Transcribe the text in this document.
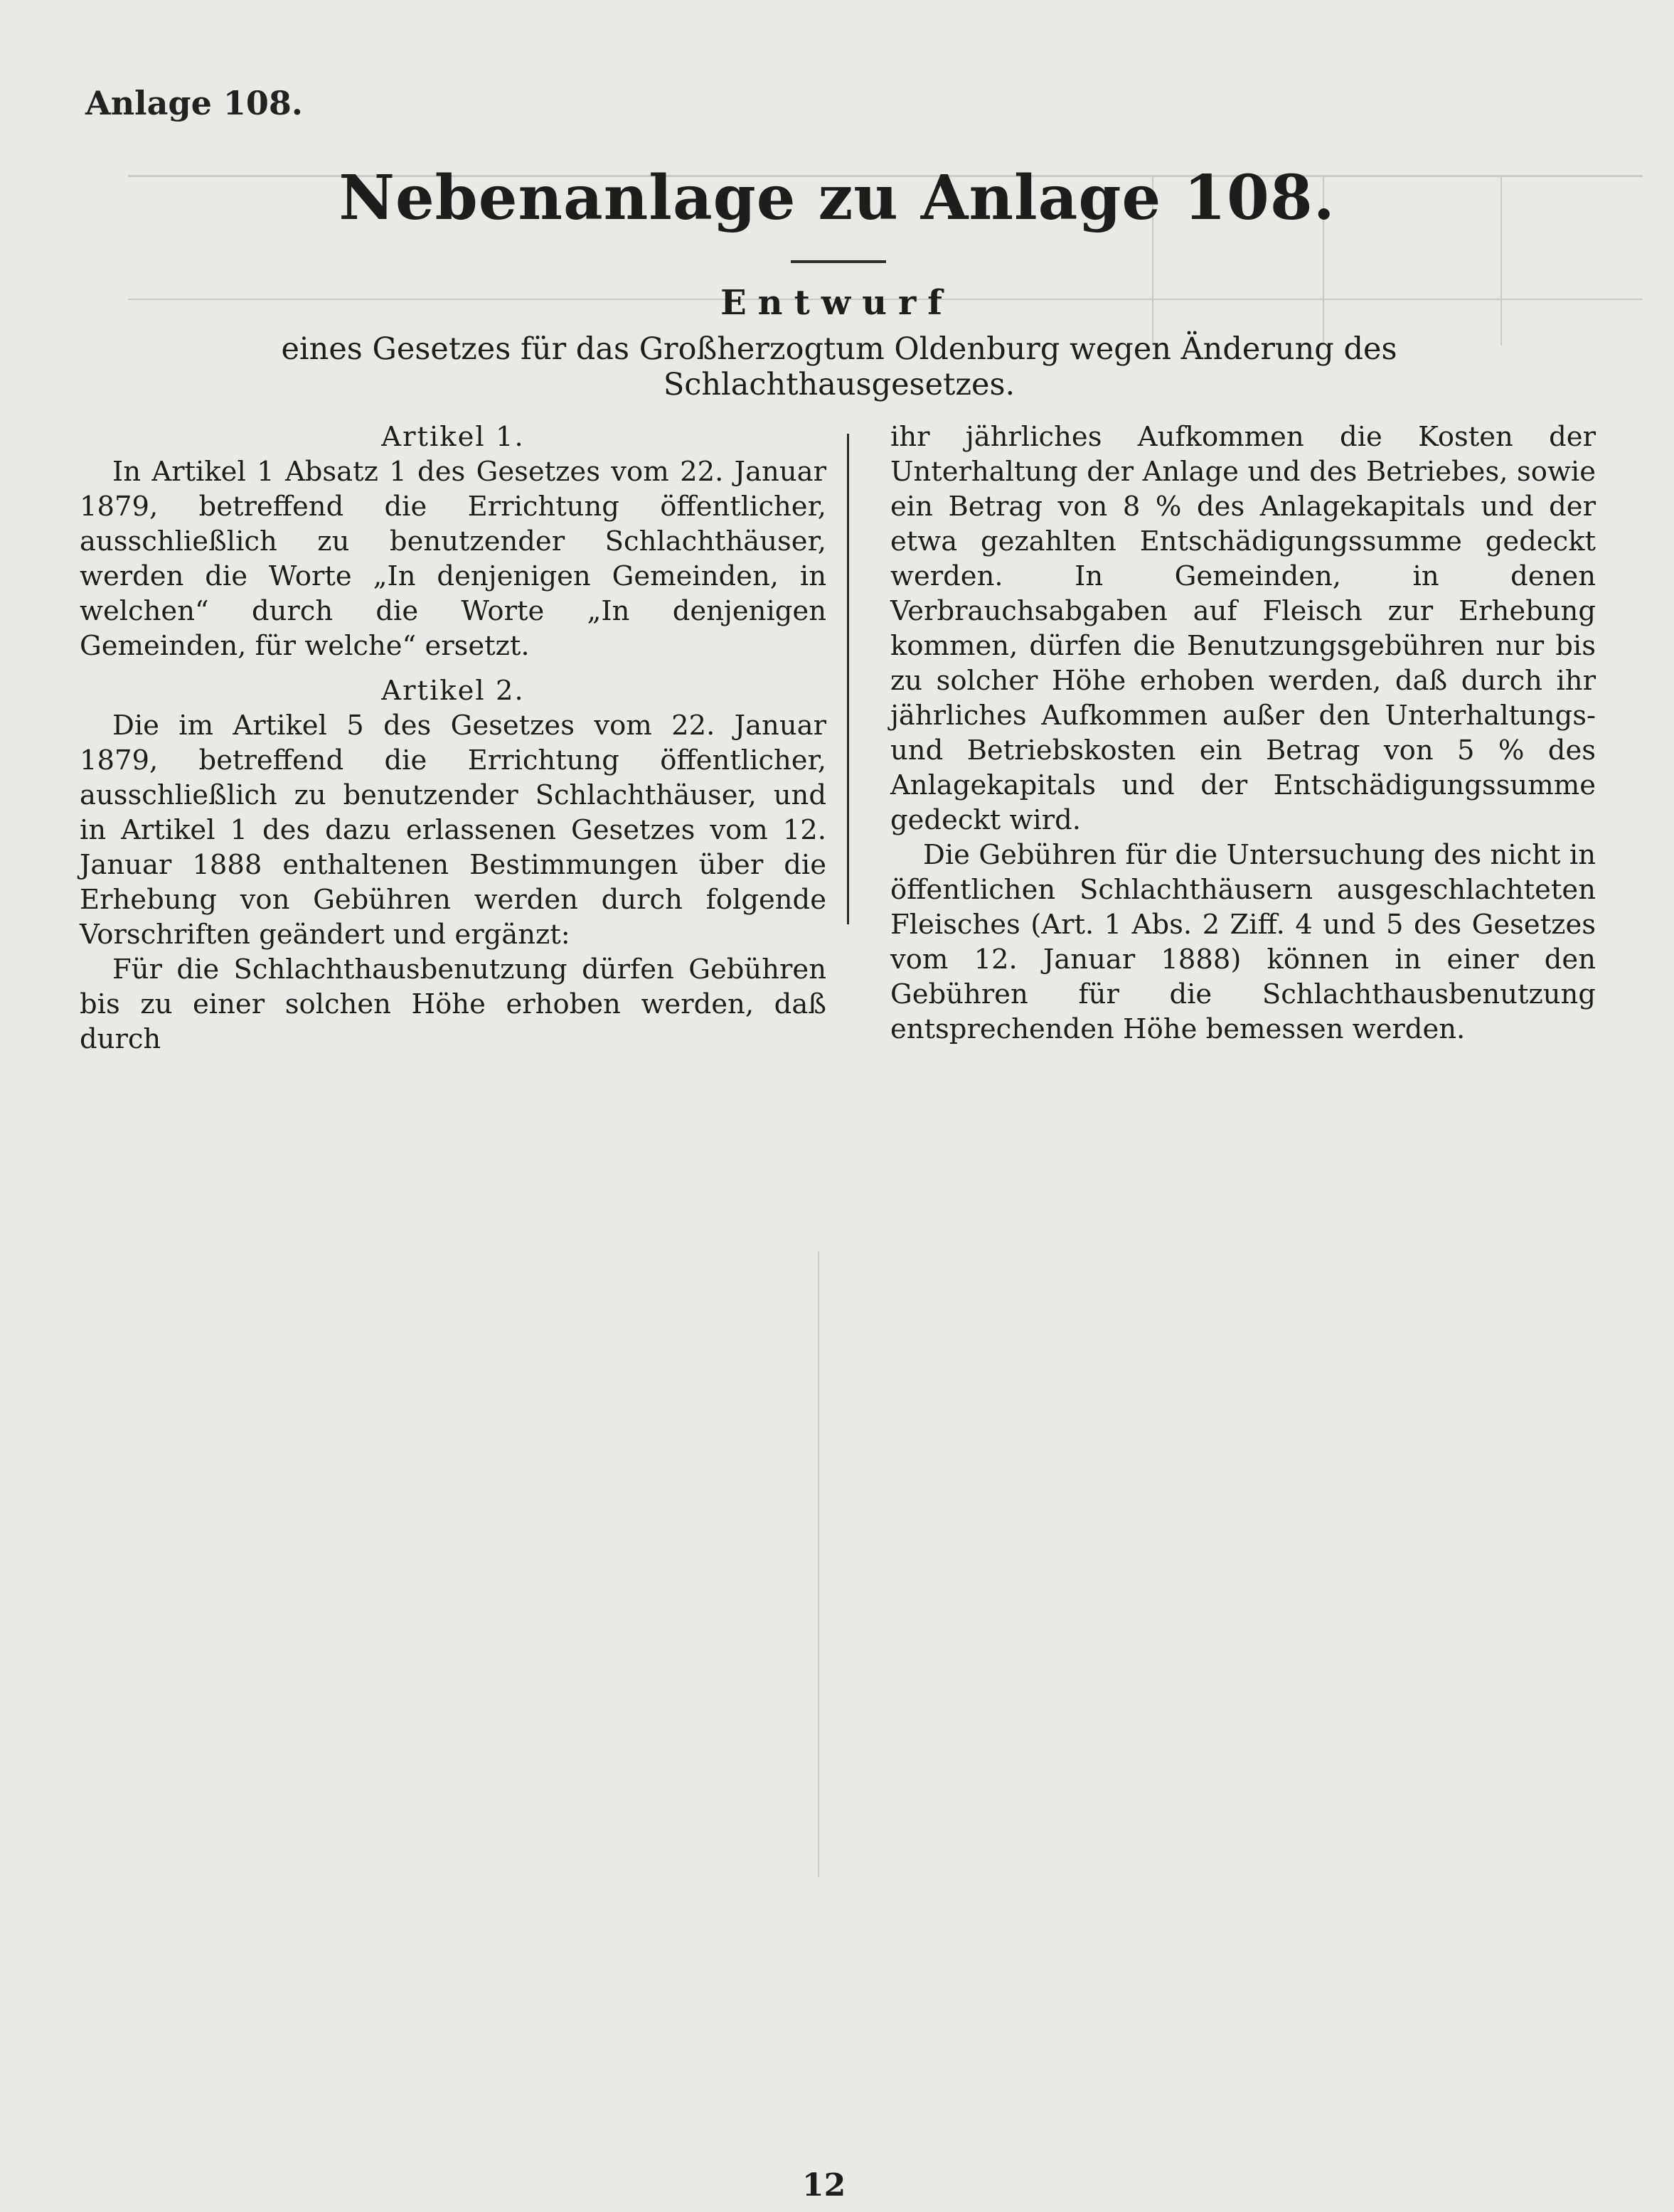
Anlage 108.
Nebenanlage zu Anlage 108.
Entwurf
eines Gesetzes für das Großherzogtum Oldenburg wegen Änderung des Schlachthausgesetzes.

Artikel 1.

In Artikel 1 Absatz 1 des Gesetzes vom 22. Januar 1879, betreffend die Errichtung öffentlicher, ausschließlich zu benutzender Schlachthäuser, werden die Worte „In denjenigen Gemeinden, in welchen“ durch die Worte „In denjenigen Gemeinden, für welche“ ersetzt.

Artikel 2.

Die im Artikel 5 des Gesetzes vom 22. Januar 1879, betreffend die Errichtung öffentlicher, ausschließlich zu benutzender Schlachthäuser, und in Artikel 1 des dazu erlassenen Gesetzes vom 12. Januar 1888 enthaltenen Bestimmungen über die Erhebung von Gebühren werden durch folgende Vorschriften geändert und ergänzt:

Für die Schlachthausbenutzung dürfen Gebühren bis zu einer solchen Höhe erhoben werden, daß durch

ihr jährliches Aufkommen die Kosten der Unterhaltung der Anlage und des Betriebes, sowie ein Betrag von 8 % des Anlagekapitals und der etwa gezahlten Entschädigungssumme gedeckt werden. In Gemeinden, in denen Verbrauchsabgaben auf Fleisch zur Erhebung kommen, dürfen die Benutzungsgebühren nur bis zu solcher Höhe erhoben werden, daß durch ihr jährliches Aufkommen außer den Unterhaltungs- und Betriebskosten ein Betrag von 5 % des Anlagekapitals und der Entschädigungssumme gedeckt wird.

Die Gebühren für die Untersuchung des nicht in öffentlichen Schlachthäusern ausgeschlachteten Fleisches (Art. 1 Abs. 2 Ziff. 4 und 5 des Gesetzes vom 12. Januar 1888) können in einer den Gebühren für die Schlachthausbenutzung entsprechenden Höhe bemessen werden.

12
